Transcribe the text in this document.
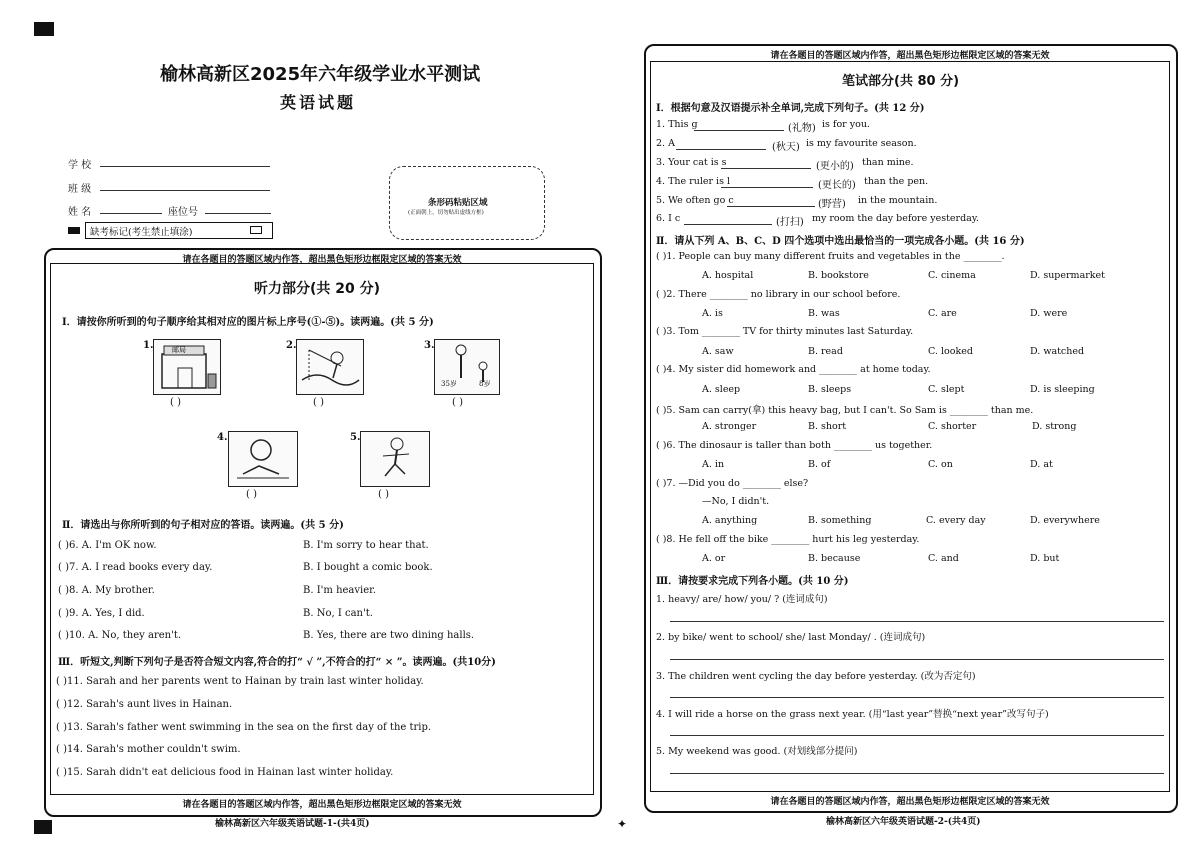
✦
榆林高新区2025年六年级学业水平测试
英语试题
学 校
班 级
姓 名	座位号
缺考标记(考生禁止填涂)
条形码粘贴区域
(正面朝上，切勿贴出虚线方框)
请在各题目的答题区域内作答，超出黑色矩形边框限定区域的答案无效
听力部分(共 20 分)
I．请按你所听到的句子顺序给其相对应的图片标上序号(①-⑤)。读两遍。(共 5 分)
1.	邮局
( )
2.
( )
3.
35岁	8岁
( )
4.
( )
5.
( )
Ⅱ．请选出与你所听到的句子相对应的答语。读两遍。(共 5 分)
( )6. A. I'm OK now.	B. I'm sorry to hear that.
( )7. A. I read books every day.	B. I bought a comic book.
( )8. A. My brother.	B. I'm heavier.
( )9. A. Yes, I did.	B. No, I can't.
( )10. A. No, they aren't.	B. Yes, there are two dining halls.
Ⅲ．听短文,判断下列句子是否符合短文内容,符合的打“ √ ”,不符合的打“ × ”。读两遍。(共10分)
( )11. Sarah and her parents went to Hainan by train last winter holiday.
( )12. Sarah's aunt lives in Hainan.
( )13. Sarah's father went swimming in the sea on the first day of the trip.
( )14. Sarah's mother couldn't swim.
( )15. Sarah didn't eat delicious food in Hainan last winter holiday.
请在各题目的答题区域内作答，超出黑色矩形边框限定区域的答案无效
榆林高新区六年级英语试题-1-(共4页)
请在各题目的答题区域内作答，超出黑色矩形边框限定区域的答案无效
笔试部分(共 80 分)
I．根据句意及汉语提示补全单词,完成下列句子。(共 12 分)
1. This g	(礼物) is for you.
2. A	(秋天) is my favourite season.
3. Your cat is s	(更小的) than mine.
4. The ruler is l	(更长的) than the pen.
5. We often go c	(野营) in the mountain.
6. I c	(打扫) my room the day before yesterday.
Ⅱ．请从下列 A、B、C、D 四个选项中选出最恰当的一项完成各小题。(共 16 分)
( )1. People can buy many different fruits and vegetables in the ________.
A. hospital	B. bookstore	C. cinema	D. supermarket
( )2. There ________ no library in our school before.
A. is	B. was	C. are	D. were
( )3. Tom ________ TV for thirty minutes last Saturday.
A. saw	B. read	C. looked	D. watched
( )4. My sister did homework and ________ at home today.
A. sleep	B. sleeps	C. slept	D. is sleeping
( )5. Sam can carry(拿) this heavy bag, but I can't. So Sam is ________ than me.
A. stronger	B. short	C. shorter	D. strong
( )6. The dinosaur is taller than both ________ us together.
A. in	B. of	C. on	D. at
( )7. —Did you do ________ else?
—No, I didn't.
A. anything	B. something	C. every day	D. everywhere
( )8. He fell off the bike ________ hurt his leg yesterday.
A. or	B. because	C. and	D. but
Ⅲ．请按要求完成下列各小题。(共 10 分)
1. heavy/ are/ how/ you/ ? (连词成句)
2. by bike/ went to school/ she/ last Monday/ . (连词成句)
3. The children went cycling the day before yesterday. (改为否定句)
4. I will ride a horse on the grass next year. (用“last year”替换“next year”改写句子)
5. My weekend was good. (对划线部分提问)
请在各题目的答题区域内作答，超出黑色矩形边框限定区域的答案无效
榆林高新区六年级英语试题-2-(共4页)
